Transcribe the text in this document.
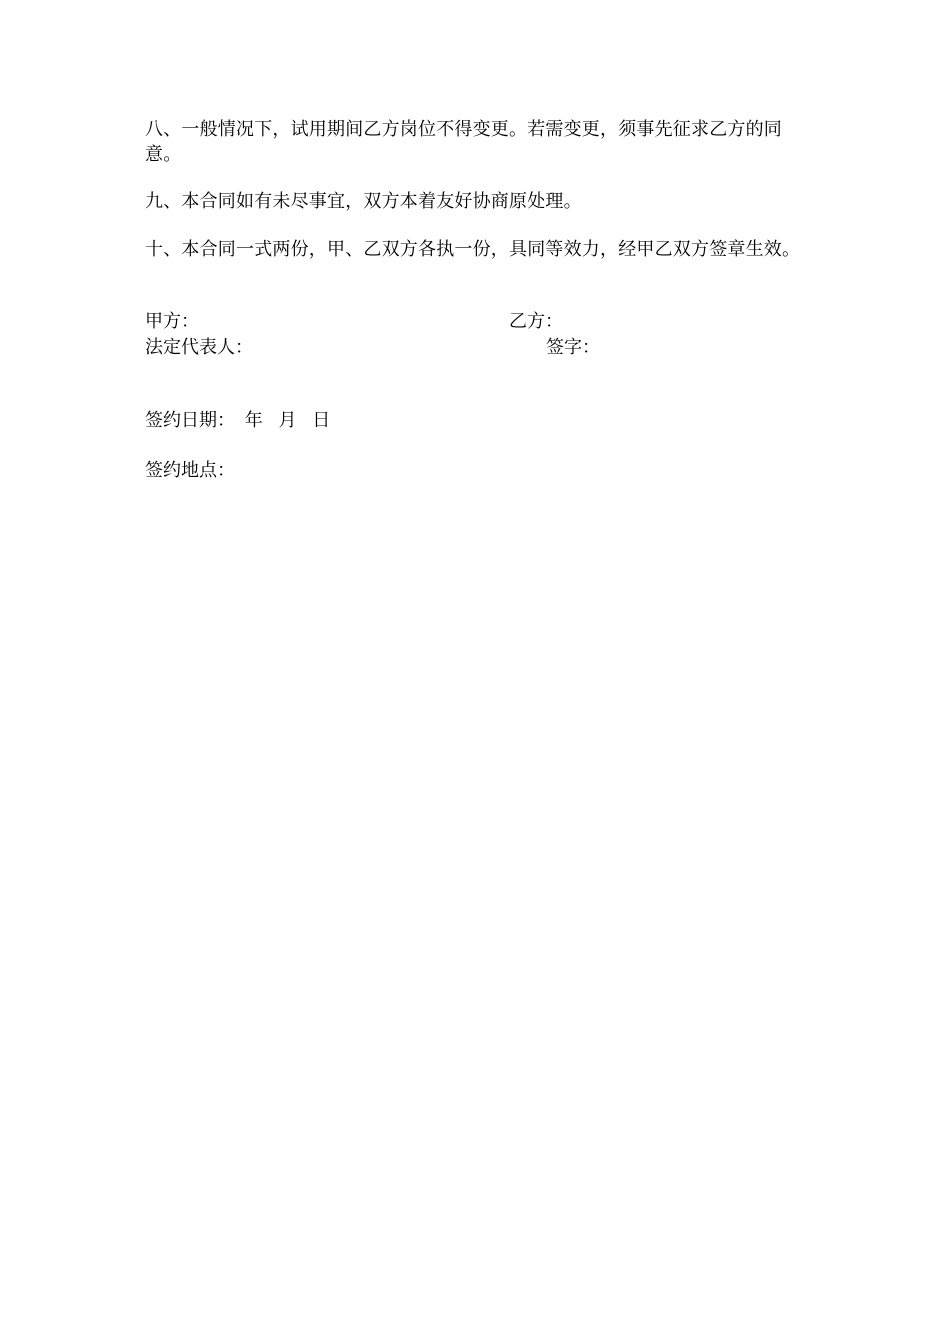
八、一般情况下，试用期间乙方岗位不得变更。若需变更，须事先征求乙方的同意。

九、本合同如有未尽事宜，双方本着友好协商原处理。

十、本合同一式两份，甲、乙双方各执一份，具同等效力，经甲乙双方签章生效。

甲方：	乙方：

法定代表人：	签字：

签约日期： 年 月 日

签约地点：
